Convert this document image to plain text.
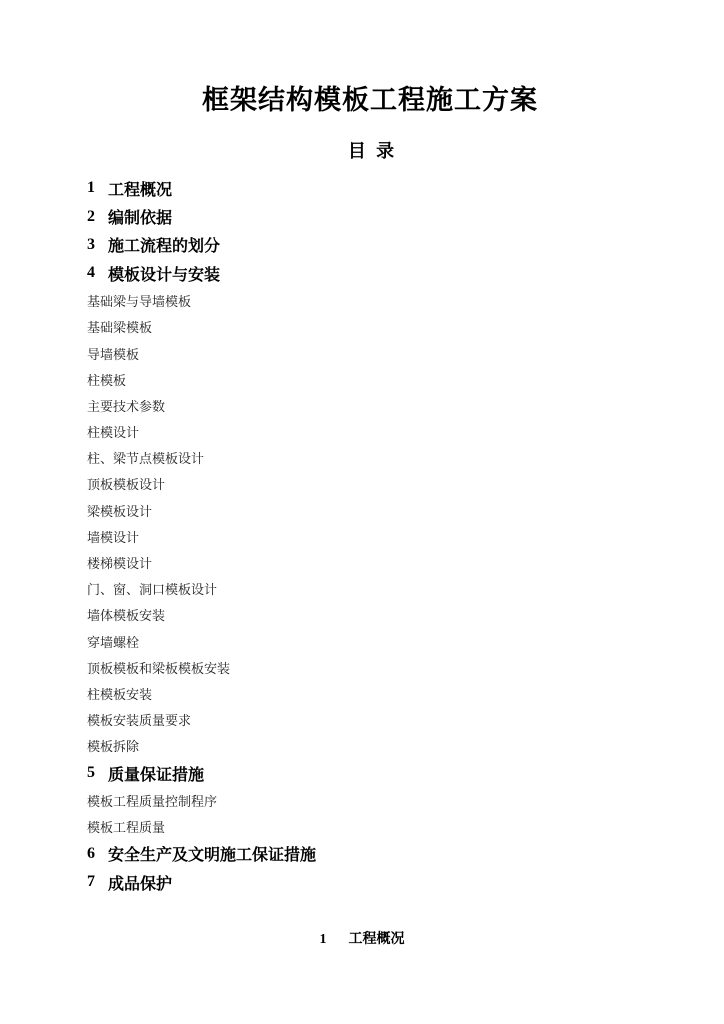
框架结构模板工程施工方案
目 录
1 工程概况
2 编制依据
3 施工流程的划分
4 模板设计与安装
基础梁与导墙模板
基础梁模板
导墙模板
柱模板
主要技术参数
柱模设计
柱、梁节点模板设计
顶板模板设计
梁模板设计
墙模设计
楼梯模设计
门、窗、洞口模板设计
墙体模板安装
穿墙螺栓
顶板模板和梁板模板安装
柱模板安装
模板安装质量要求
模板拆除
5 质量保证措施
模板工程质量控制程序
模板工程质量
6 安全生产及文明施工保证措施
7 成品保护
1 工程概况
